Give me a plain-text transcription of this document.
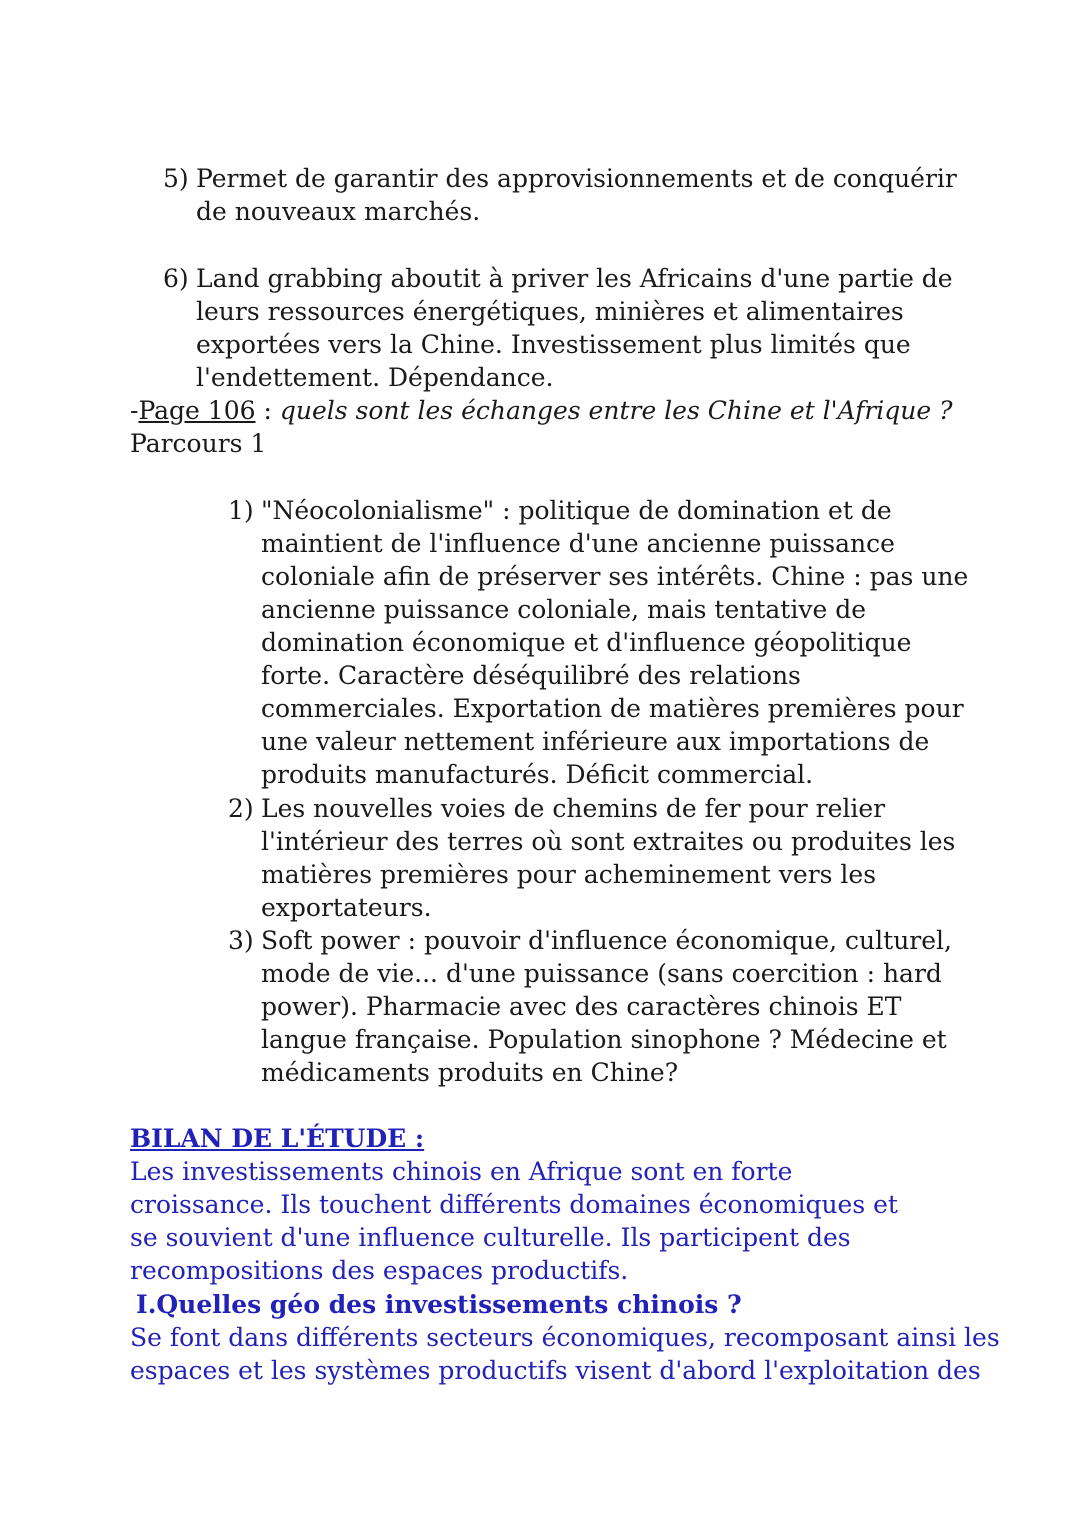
5) Permet de garantir des approvisionnements et de conquérir de nouveaux marchés.
6) Land grabbing aboutit à priver les Africains d'une partie de leurs ressources énergétiques, minières et alimentaires exportées vers la Chine. Investissement plus limités que l'endettement. Dépendance.
-Page 106 : quels sont les échanges entre les Chine et l'Afrique ?
Parcours 1
1) "Néocolonialisme" : politique de domination et de maintient de l'influence d'une ancienne puissance coloniale afin de préserver ses intérêts. Chine : pas une ancienne puissance coloniale, mais tentative de domination économique et d'influence géopolitique forte. Caractère déséquilibré des relations commerciales. Exportation de matières premières pour une valeur nettement inférieure aux importations de produits manufacturés. Déficit commercial.
2) Les nouvelles voies de chemins de fer pour relier l'intérieur des terres où sont extraites ou produites les matières premières pour acheminement vers les exportateurs.
3) Soft power : pouvoir d'influence économique, culturel, mode de vie... d'une puissance (sans coercition : hard power). Pharmacie avec des caractères chinois ET langue française. Population sinophone ? Médecine et médicaments produits en Chine?
BILAN DE L'ÉTUDE :
Les investissements chinois en Afrique sont en forte croissance. Ils touchent différents domaines économiques et se souvient d'une influence culturelle. Ils participent des recompositions des espaces productifs.
I.Quelles géo des investissements chinois ?
Se font dans différents secteurs économiques, recomposant ainsi les espaces et les systèmes productifs visent d'abord l'exploitation des
